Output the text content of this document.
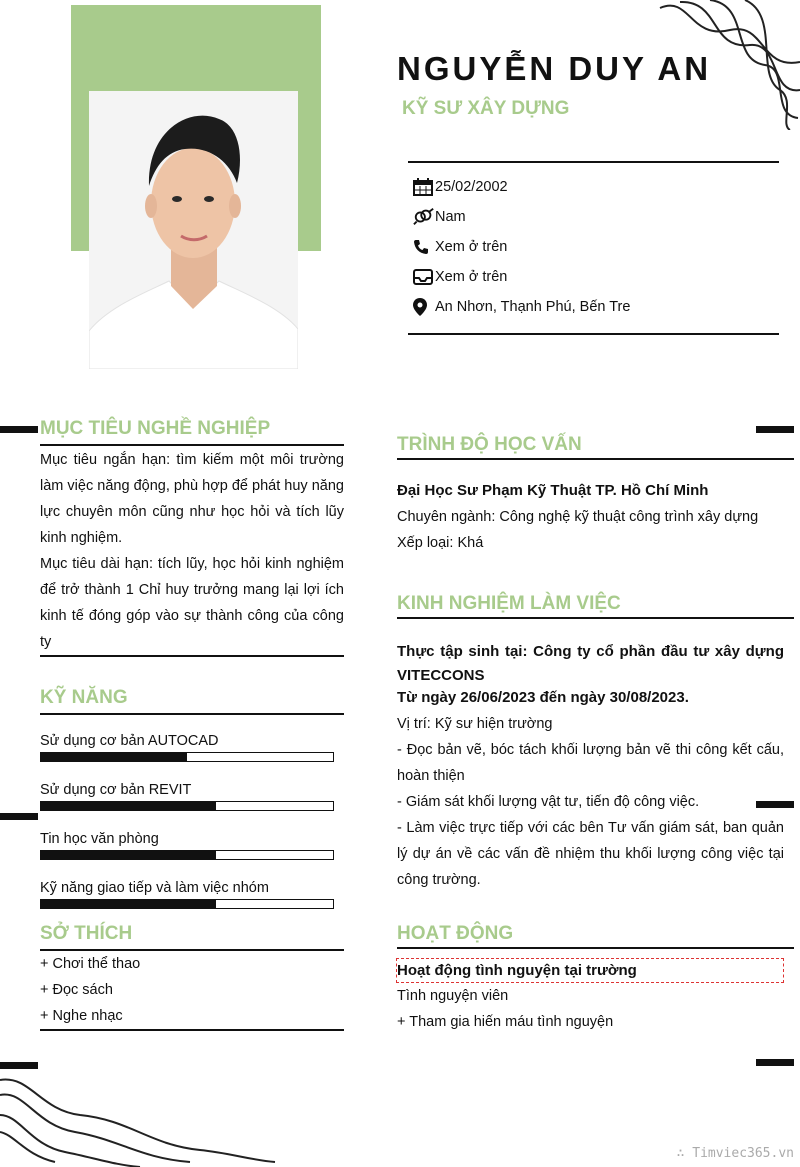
NGUYỄN DUY AN
KỸ SƯ XÂY DỰNG
25/02/2002
Nam
Xem ở trên
Xem ở trên
An Nhơn, Thạnh Phú, Bến Tre
MỤC TIÊU NGHỀ NGHIỆP
Mục tiêu ngắn hạn: tìm kiếm một môi trường làm việc năng động, phù hợp để phát huy năng lực chuyên môn cũng như học hỏi và tích lũy kinh nghiệm.
Mục tiêu dài hạn: tích lũy, học hỏi kinh nghiệm để trở thành 1 Chỉ huy trưởng mang lại lợi ích kinh tế đóng góp vào sự thành công của công ty
KỸ NĂNG
Sử dụng cơ bản AUTOCAD
Sử dụng cơ bản REVIT
Tin học văn phòng
Kỹ năng giao tiếp và làm việc nhóm
SỞ THÍCH
+ Chơi thể thao
+ Đọc sách
+ Nghe nhạc
TRÌNH ĐỘ HỌC VẤN
Đại Học Sư Phạm Kỹ Thuật TP. Hồ Chí Minh
Chuyên ngành: Công nghệ kỹ thuật công trình xây dựng
Xếp loại: Khá
KINH NGHIỆM LÀM VIỆC
Thực tập sinh tại: Công ty cổ phần đầu tư xây dựng VITECCONS
Từ ngày 26/06/2023 đến ngày 30/08/2023.
Vị trí: Kỹ sư hiện trường
- Đọc bản vẽ, bóc tách khối lượng bản vẽ thi công kết cấu, hoàn thiện
- Giám sát khối lượng vật tư, tiến độ công việc.
- Làm việc trực tiếp với các bên Tư vấn giám sát, ban quản lý dự án về các vấn đề nhiệm thu khối lượng công việc tại công trường.
HOẠT ĐỘNG
Hoạt động tình nguyện tại trường
Tình nguyện viên
+ Tham gia hiến máu tình nguyện
∴ Timviec365.vn
